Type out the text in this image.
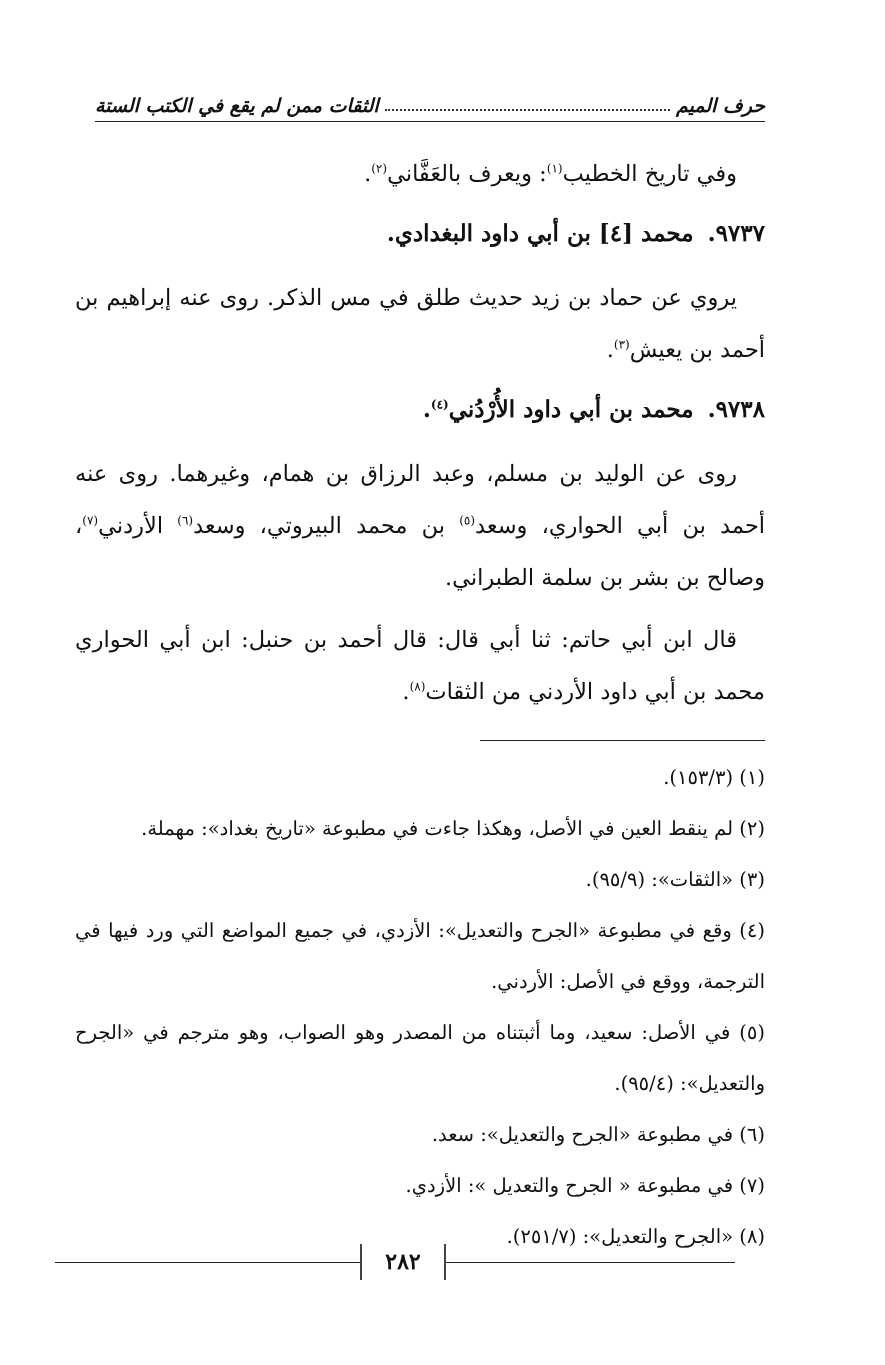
حرف الميم
الثقات ممن لم يقع في الكتب الستة

وفي تاريخ الخطيب$^{(١)}$: ويعرف بالعَفَّاني$^{(٢)}$.

٩٧٣٧.محمد [٤] بن أبي داود البغدادي.

يروي عن حماد بن زيد حديث طلق في مس الذكر. روى عنه إبراهيم بن أحمد بن يعيش$^{(٣)}$.

٩٧٣٨.محمد بن أبي داود الأُرْدُني$^{(٤)}$.

روى عن الوليد بن مسلم، وعبد الرزاق بن همام، وغيرهما. روى عنه أحمد بن أبي الحواري، وسعد$^{(٥)}$ بن محمد البيروتي، وسعد$^{(٦)}$ الأردني$^{(٧)}$، وصالح بن بشر بن سلمة الطبراني.

قال ابن أبي حاتم: ثنا أبي قال: قال أحمد بن حنبل: ابن أبي الحواري محمد بن أبي داود الأردني من الثقات$^{(٨)}$.

(١) (١٥٣/٣).

(٢) لم ينقط العين في الأصل، وهكذا جاءت في مطبوعة «تاريخ بغداد»: مهملة.

(٣) «الثقات»: (٩٥/٩).

(٤) وقع في مطبوعة «الجرح والتعديل»: الأزدي، في جميع المواضع التي ورد فيها في الترجمة، ووقع في الأصل: الأردني.

(٥) في الأصل: سعيد، وما أثبتناه من المصدر وهو الصواب، وهو مترجم في «الجرح والتعديل»: (٩٥/٤).

(٦) في مطبوعة «الجرح والتعديل»: سعد.

(٧) في مطبوعة « الجرح والتعديل »: الأزدي.

(٨) «الجرح والتعديل»: (٢٥١/٧).

٢٨٢
